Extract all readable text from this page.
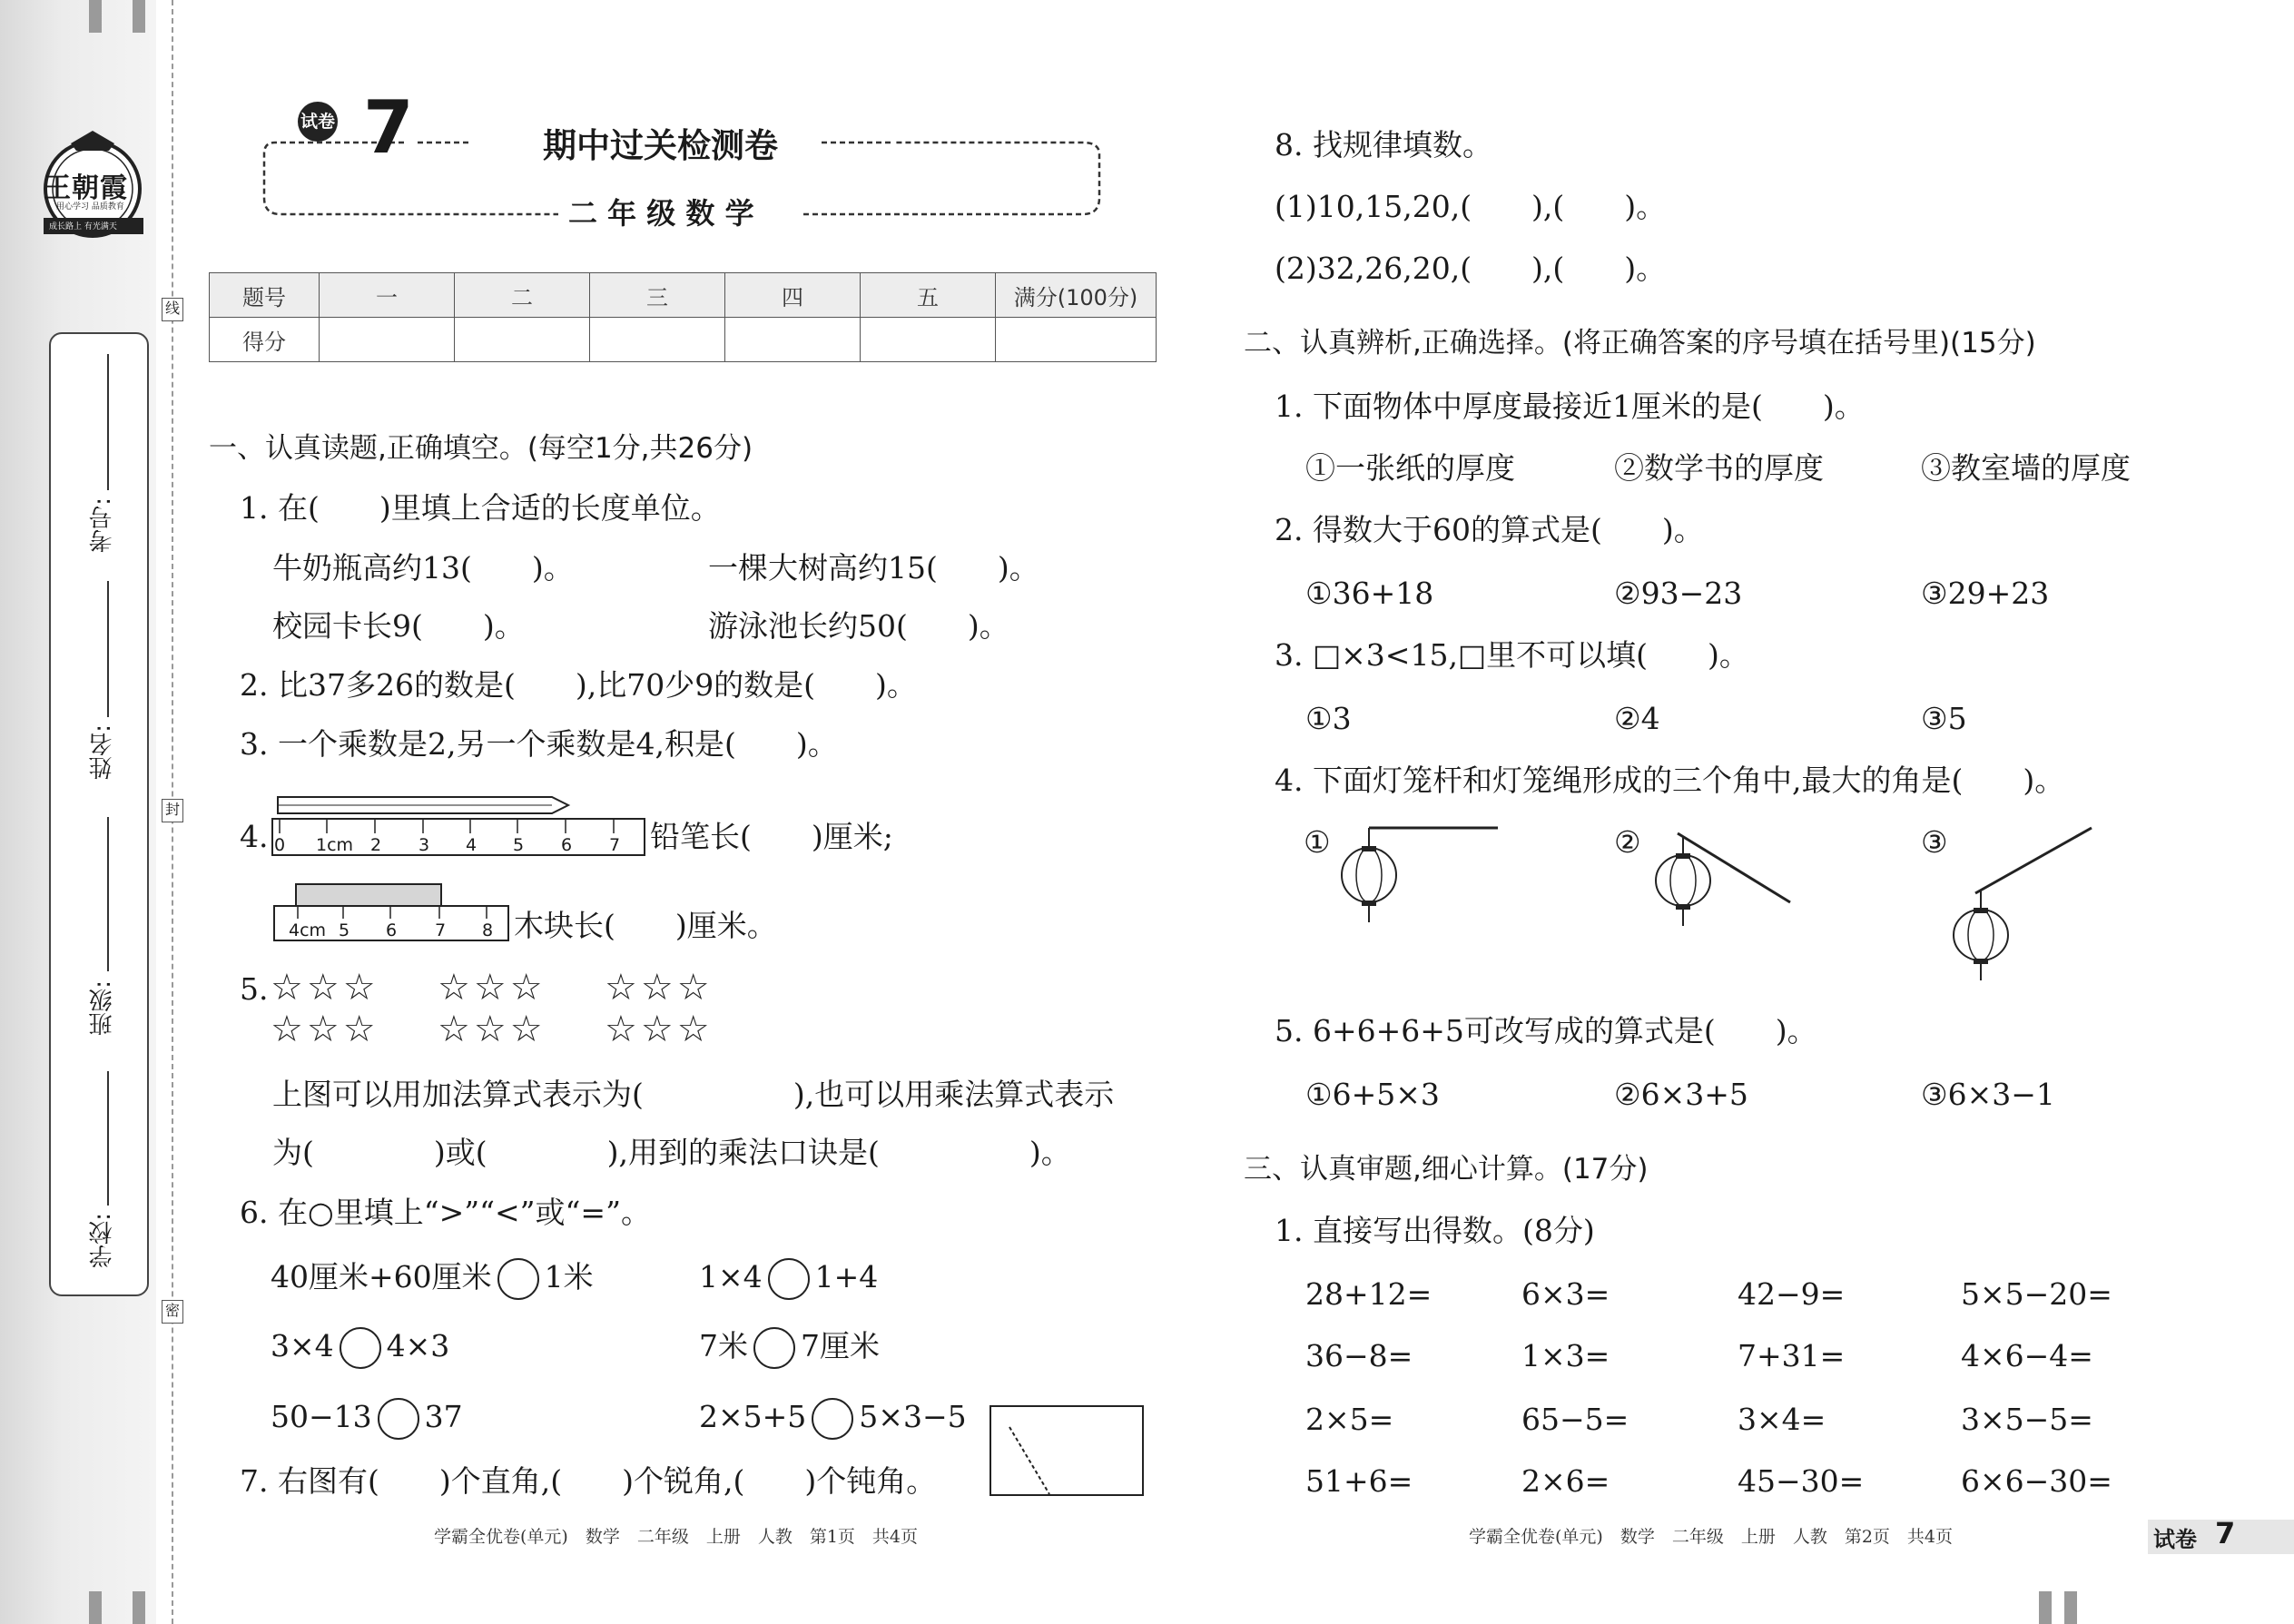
王朝霞
用心学习 品质教育
成长路上 有光满天
考号:
姓名:
班级:
学校:
线
封
密
试卷 7	期中过关检测卷
二 年 级 数 学
题号	一	二	三	四	五	满分(100分)
得分						
一、认真读题,正确填空。(每空1分,共26分)
1. 在(　　)里填上合适的长度单位。
牛奶瓶高约13(　　)。	一棵大树高约15(　　)。
校园卡长9(　　)。	游泳池长约50(　　)。
2. 比37多26的数是(　　),比70少9的数是(　　)。
3. 一个乘数是2,另一个乘数是4,积是(　　)。
4. 0 1cm 2 3 4 5 6 7 铅笔长(　　)厘米;
4cm 5 6 7 8 木块长(　　)厘米。
5. ☆☆☆
☆☆☆
☆☆☆
☆☆☆
☆☆☆
☆☆☆
上图可以用加法算式表示为(　　　　　),也可以用乘法算式表示
为(　　　　)或(　　　　),用到的乘法口诀是(　　　　　)。
6. 在○里填上“>”“<”或“=”。
40厘米+60厘米 1米	1×4 1+4
3×4 4×3	7米 7厘米
50−13 37	2×5+5 5×3−5
7. 右图有(　　)个直角,(　　)个锐角,(　　)个钝角。
学霸全优卷(单元)　数学　二年级　上册　人教　第1页　共4页
8. 找规律填数。
(1)10,15,20,(　　),(　　)。
(2)32,26,20,(　　),(　　)。
二、认真辨析,正确选择。(将正确答案的序号填在括号里)(15分)
1. 下面物体中厚度最接近1厘米的是(　　)。
①一张纸的厚度	②数学书的厚度	③教室墙的厚度
2. 得数大于60的算式是(　　)。
①36+18	②93−23	③29+23
3. □×3<15,□里不可以填(　　)。
①3	②4	③5
4. 下面灯笼杆和灯笼绳形成的三个角中,最大的角是(　　)。
①	②	③
5. 6+6+6+5可改写成的算式是(　　)。
①6+5×3	②6×3+5	③6×3−1
三、认真审题,细心计算。(17分)
1. 直接写出得数。(8分)
28+12=	6×3=	42−9=	5×5−20=
36−8=	1×3=	7+31=	4×6−4=
2×5=	65−5=	3×4=	3×5−5=
51+6=	2×6=	45−30=	6×6−30=
学霸全优卷(单元)　数学　二年级　上册　人教　第2页　共4页	试卷 7
